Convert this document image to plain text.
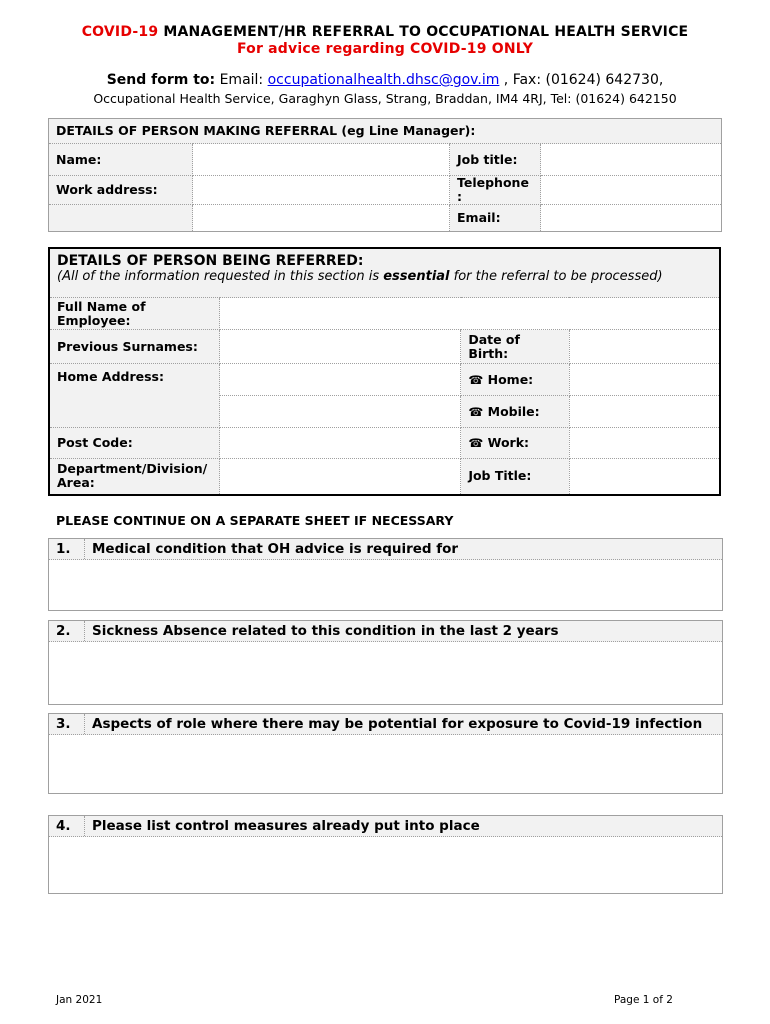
COVID-19 MANAGEMENT/HR REFERRAL TO OCCUPATIONAL HEALTH SERVICE
For advice regarding COVID-19 ONLY
Send form to: Email: occupationalhealth.dhsc@gov.im , Fax: (01624) 642730,
Occupational Health Service, Garaghyn Glass, Strang, Braddan, IM4 4RJ, Tel: (01624) 642150
DETAILS OF PERSON MAKING REFERRAL (eg Line Manager):			
Name:		Job title:	

Work address:		Telephone
:	

	Email:	
DETAILS OF PERSON BEING REFERRED:
(All of the information requested in this section is essential for the referral to be processed)			

Full Name of Employee:	

Previous Surnames:		Date of Birth:	

Home Address:		☎ Home:	

	☎ Mobile:	

Post Code:		☎ Work:	

Department/Division/ Area:		Job Title:	
PLEASE CONTINUE ON A SEPARATE SHEET IF NECESSARY
1.	Medical condition that OH advice is required for
2.	Sickness Absence related to this condition in the last 2 years
3.	Aspects of role where there may be potential for exposure to Covid-19 infection
4.	Please list control measures already put into place
Jan 2021	Page 1 of 2
